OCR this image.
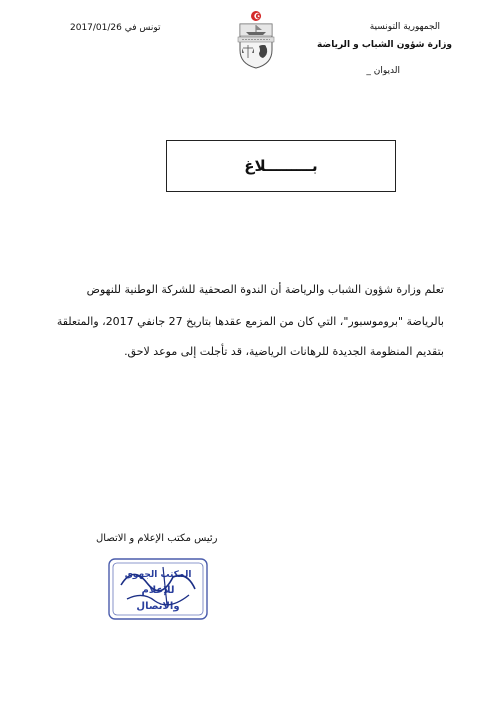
تونس في 2017/01/26	الجمهورية التونسية
وزارة شؤون الشباب و الرياضة
الديوان _
بـــــــــلاغ
تعلم وزارة شؤون الشباب والرياضة أن الندوة الصحفية للشركة الوطنية للنهوض
بالرياضة "بروموسبور"، التي كان من المزمع عقدها بتاريخ 27 جانفي 2017، والمتعلقة
بتقديم المنظومة الجديدة للرهانات الرياضية، قد تأجلت إلى موعد لاحق.
رئيس مكتب الإعلام و الاتصال
المكتب الجهوي
للإعلام
والاتصال
